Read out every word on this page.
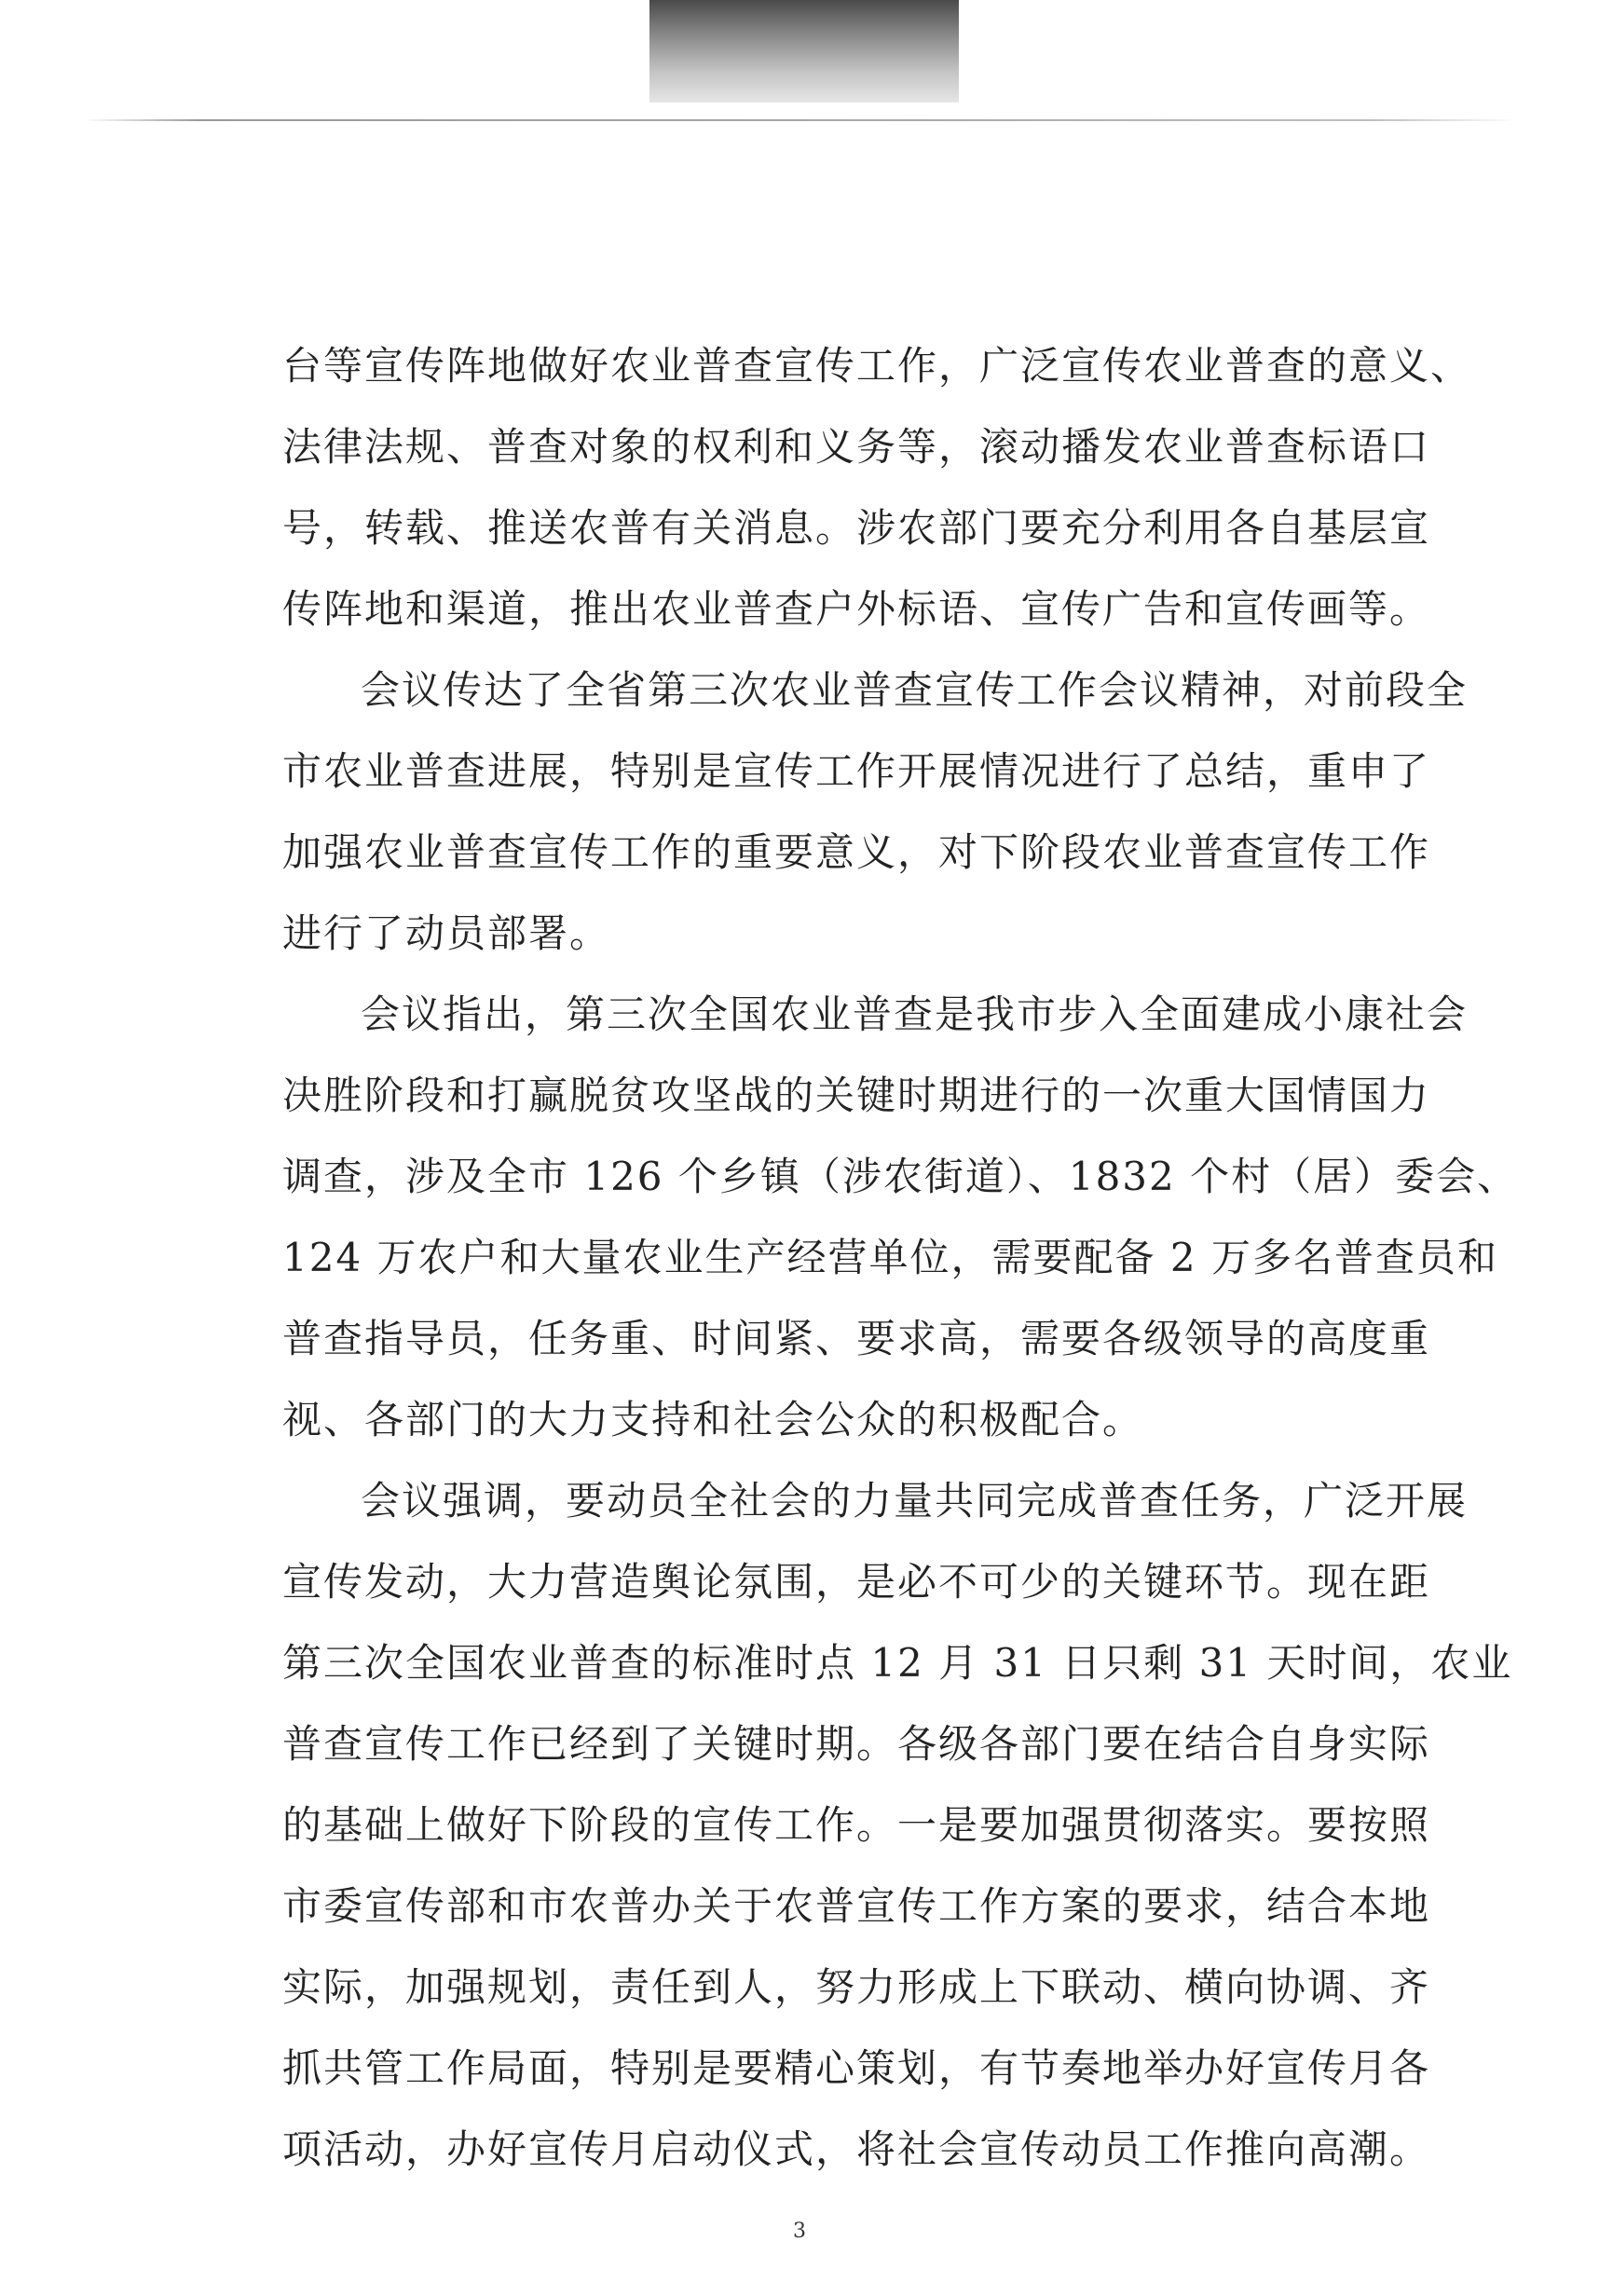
台等宣传阵地做好农业普查宣传工作，广泛宣传农业普查的意义、
法律法规、普查对象的权利和义务等，滚动播发农业普查标语口
号，转载、推送农普有关消息。涉农部门要充分利用各自基层宣
传阵地和渠道，推出农业普查户外标语、宣传广告和宣传画等。
会议传达了全省第三次农业普查宣传工作会议精神，对前段全
市农业普查进展，特别是宣传工作开展情况进行了总结，重申了
加强农业普查宣传工作的重要意义，对下阶段农业普查宣传工作
进行了动员部署。
会议指出，第三次全国农业普查是我市步入全面建成小康社会
决胜阶段和打赢脱贫攻坚战的关键时期进行的一次重大国情国力
调查，涉及全市 126 个乡镇（涉农街道）、1832 个村（居）委会、
124 万农户和大量农业生产经营单位，需要配备 2 万多名普查员和
普查指导员，任务重、时间紧、要求高，需要各级领导的高度重
视、各部门的大力支持和社会公众的积极配合。
会议强调，要动员全社会的力量共同完成普查任务，广泛开展
宣传发动，大力营造舆论氛围，是必不可少的关键环节。现在距
第三次全国农业普查的标准时点 12 月 31 日只剩 31 天时间，农业
普查宣传工作已经到了关键时期。各级各部门要在结合自身实际
的基础上做好下阶段的宣传工作。一是要加强贯彻落实。要按照
市委宣传部和市农普办关于农普宣传工作方案的要求，结合本地
实际，加强规划，责任到人，努力形成上下联动、横向协调、齐
抓共管工作局面，特别是要精心策划，有节奏地举办好宣传月各
项活动，办好宣传月启动仪式，将社会宣传动员工作推向高潮。
3
